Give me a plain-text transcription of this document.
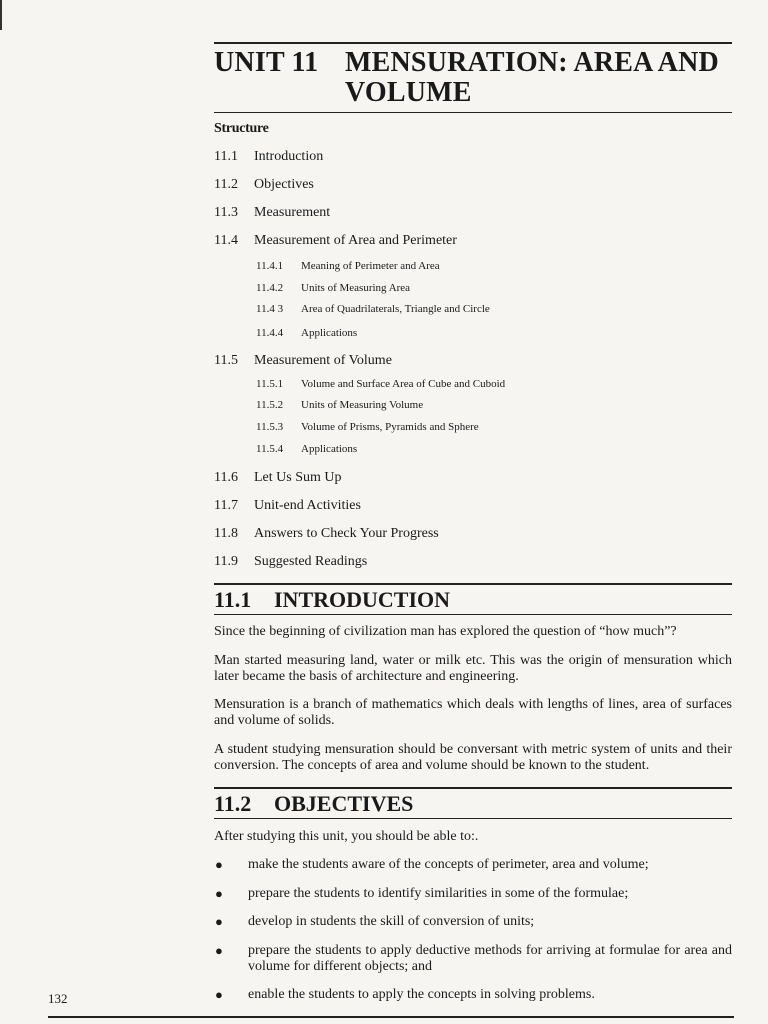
UNIT 11 MENSURATION: AREA AND
VOLUME
Structure
11.1	Introduction
11.2	Objectives
11.3	Measurement
11.4	Measurement of Area and Perimeter
11.4.1	Meaning of Perimeter and Area
11.4.2	Units of Measuring Area
11.4 3	Area of Quadrilaterals, Triangle and Circle
11.4.4	Applications
11.5	Measurement of Volume
11.5.1	Volume and Surface Area of Cube and Cuboid
11.5.2	Units of Measuring Volume
11.5.3	Volume of Prisms, Pyramids and Sphere
11.5.4	Applications
11.6	Let Us Sum Up
11.7	Unit-end Activities
11.8	Answers to Check Your Progress
11.9	Suggested Readings
11.1	INTRODUCTION
Since the beginning of civilization man has explored the question of “how much”?
Man started measuring land, water or milk etc. This was the origin of mensuration which later became the basis of architecture and engineering.
Mensuration is a branch of mathematics which deals with lengths of lines, area of surfaces and volume of solids.
A student studying mensuration should be conversant with metric system of units and their conversion. The concepts of area and volume should be known to the student.
11.2	OBJECTIVES
After studying this unit, you should be able to:.
●	make the students aware of the concepts of perimeter, area and volume;
●	prepare the students to identify similarities in some of the formulae;
●	develop in students the skill of conversion of units;
●	prepare the students to apply deductive methods for arriving at formulae for area and volume for different objects; and
●	enable the students to apply the concepts in solving problems.
132
